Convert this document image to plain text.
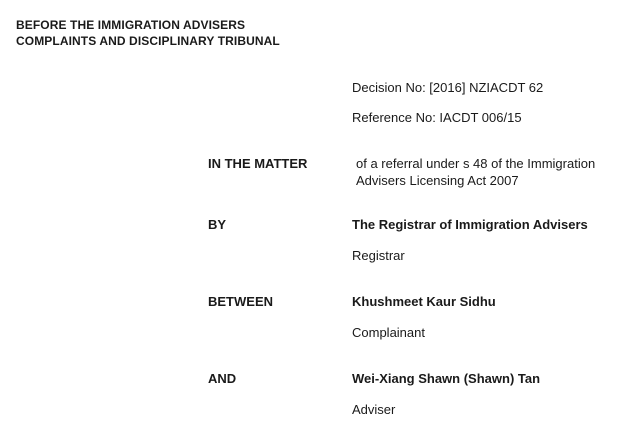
BEFORE THE IMMIGRATION ADVISERS
COMPLAINTS AND DISCIPLINARY TRIBUNAL
Decision No: [2016] NZIACDT 62
Reference No: IACDT 006/15
IN THE MATTER	of a referral under s 48 of the Immigration
Advisers Licensing Act 2007
BY	The Registrar of Immigration Advisers
Registrar
BETWEEN	Khushmeet Kaur Sidhu
Complainant
AND	Wei-Xiang Shawn (Shawn) Tan
Adviser
